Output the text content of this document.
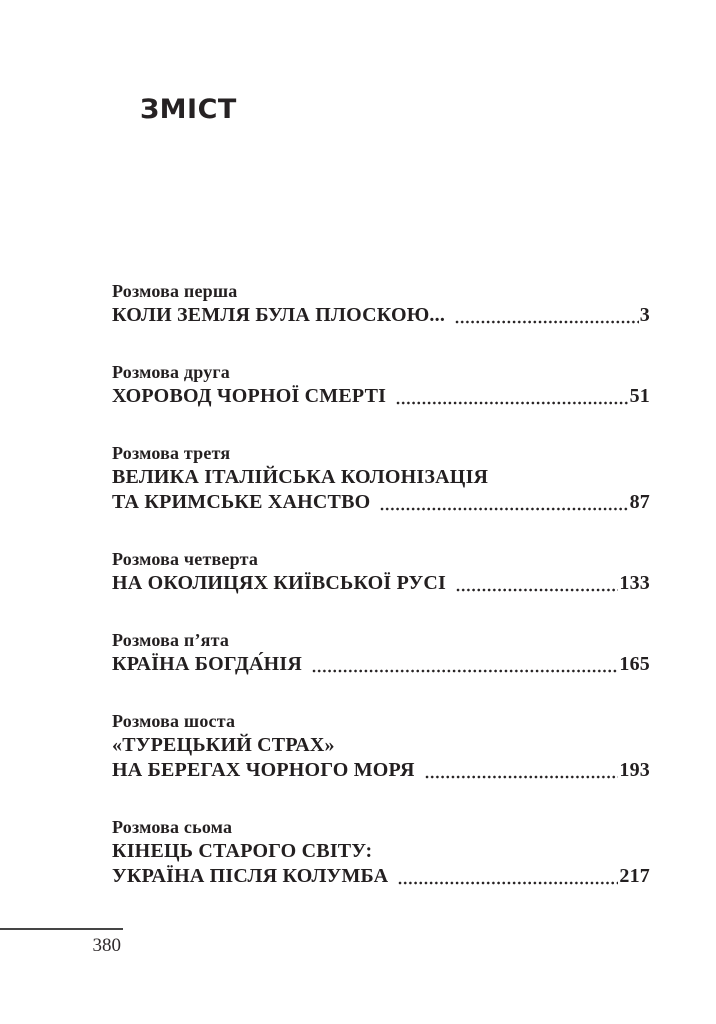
ЗМІСТ
Розмова перша
КОЛИ ЗЕМЛЯ БУЛА ПЛОСКОЮ...	3
Розмова друга
ХОРОВОД ЧОРНОЇ СМЕРТІ	51
Розмова третя
ВЕЛИКА ІТАЛІЙСЬКА КОЛОНІЗАЦІЯ
ТА КРИМСЬКЕ ХАНСТВО	87
Розмова четверта
НА ОКОЛИЦЯХ КИЇВСЬКОЇ РУСІ	133
Розмова п’ята
КРАЇНА БОГДА́НІЯ	165
Розмова шоста
«ТУРЕЦЬКИЙ СТРАХ»
НА БЕРЕГАХ ЧОРНОГО МОРЯ	193
Розмова сьома
КІНЕЦЬ СТАРОГО СВІТУ:
УКРАЇНА ПІСЛЯ КОЛУМБА	217
380
